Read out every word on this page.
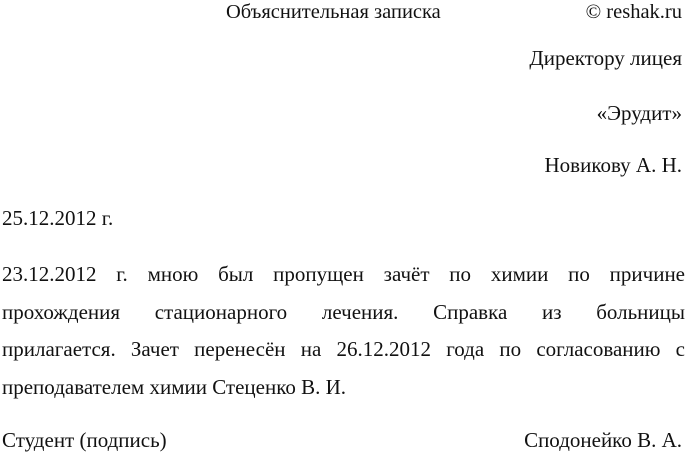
Объяснительная записка	© reshak.ru
Директору лицея
«Эрудит»
Новикову А. Н.
25.12.2012 г.
23.12.2012 г. мною был пропущен зачёт по химии по причине
прохождения стационарного лечения. Справка из больницы
прилагается. Зачет перенесён на 26.12.2012 года по согласованию с
преподавателем химии Стеценко В. И.
Студент (подпись)	Сподонейко В. А.
